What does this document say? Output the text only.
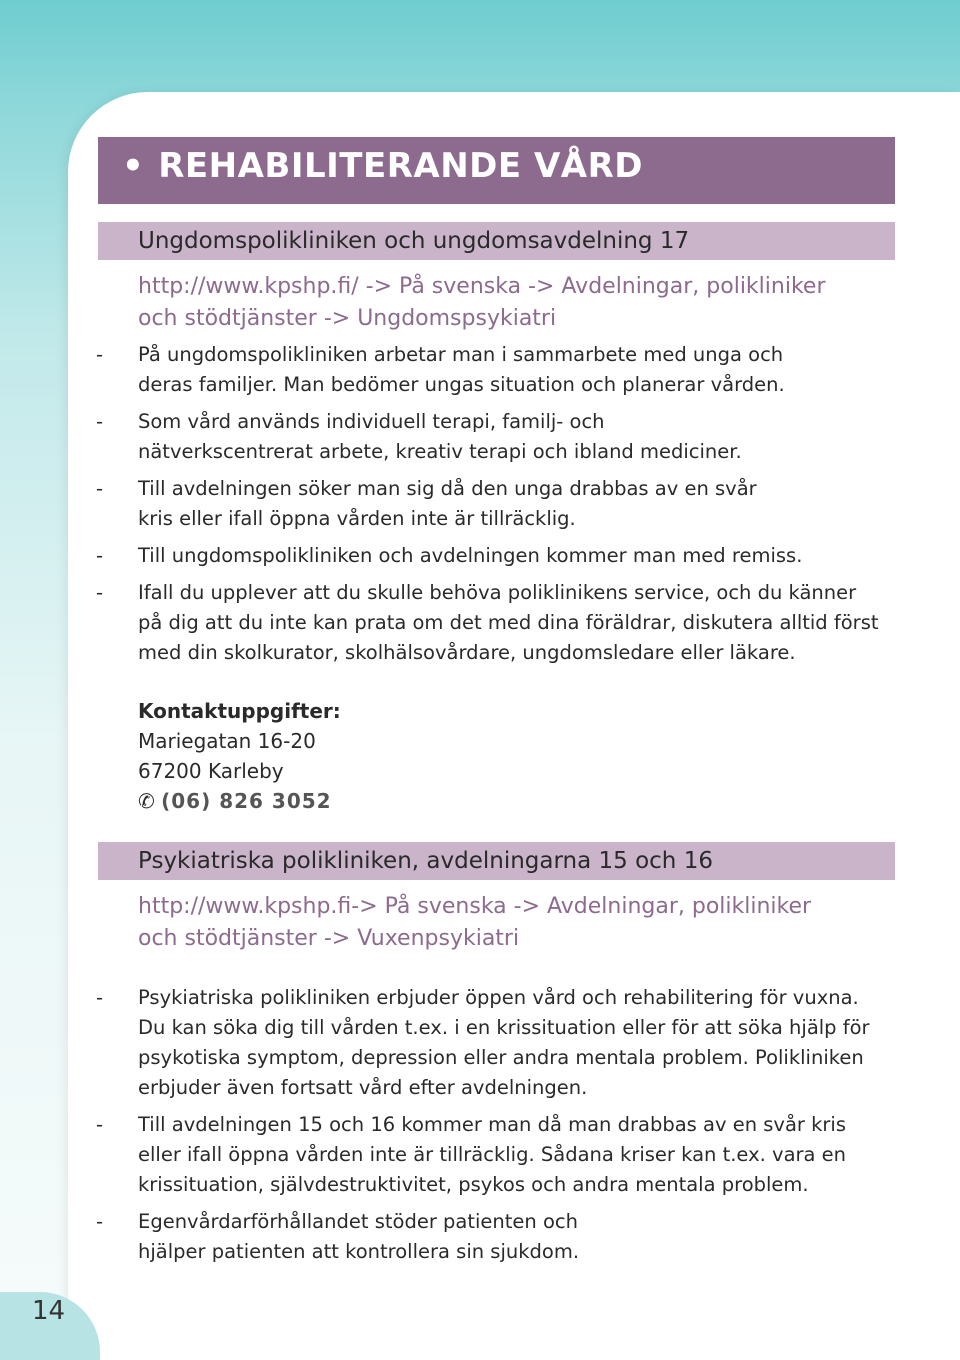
• REHABILITERANDE VÅRD
Ungdomspolikliniken och ungdomsavdelning 17
http://www.kpshp.fi/ -> På svenska -> Avdelningar, polikliniker
och stödtjänster -> Ungdomspsykiatri
- På ungdomspolikliniken arbetar man i sammarbete med unga och
deras familjer. Man bedömer ungas situation och planerar vården.
- Som vård används individuell terapi, familj- och
nätverkscentrerat arbete, kreativ terapi och ibland mediciner.
- Till avdelningen söker man sig då den unga drabbas av en svår
kris eller ifall öppna vården inte är tillräcklig.
- Till ungdomspolikliniken och avdelningen kommer man med remiss.
- Ifall du upplever att du skulle behöva poliklinikens service, och du känner
på dig att du inte kan prata om det med dina föräldrar, diskutera alltid först
med din skolkurator, skolhälsovårdare, ungdomsledare eller läkare.
Kontaktuppgifter:
Mariegatan 16-20
67200 Karleby
✆ (06) 826 3052
Psykiatriska polikliniken, avdelningarna 15 och 16
http://www.kpshp.fi-> På svenska -> Avdelningar, polikliniker
och stödtjänster -> Vuxenpsykiatri
- Psykiatriska polikliniken erbjuder öppen vård och rehabilitering för vuxna.
Du kan söka dig till vården t.ex. i en krissituation eller för att söka hjälp för
psykotiska symptom, depression eller andra mentala problem. Polikliniken
erbjuder även fortsatt vård efter avdelningen.
- Till avdelningen 15 och 16 kommer man då man drabbas av en svår kris
eller ifall öppna vården inte är tillräcklig. Sådana kriser kan t.ex. vara en
krissituation, självdestruktivitet, psykos och andra mentala problem.
- Egenvårdarförhållandet stöder patienten och
hjälper patienten att kontrollera sin sjukdom.
14
